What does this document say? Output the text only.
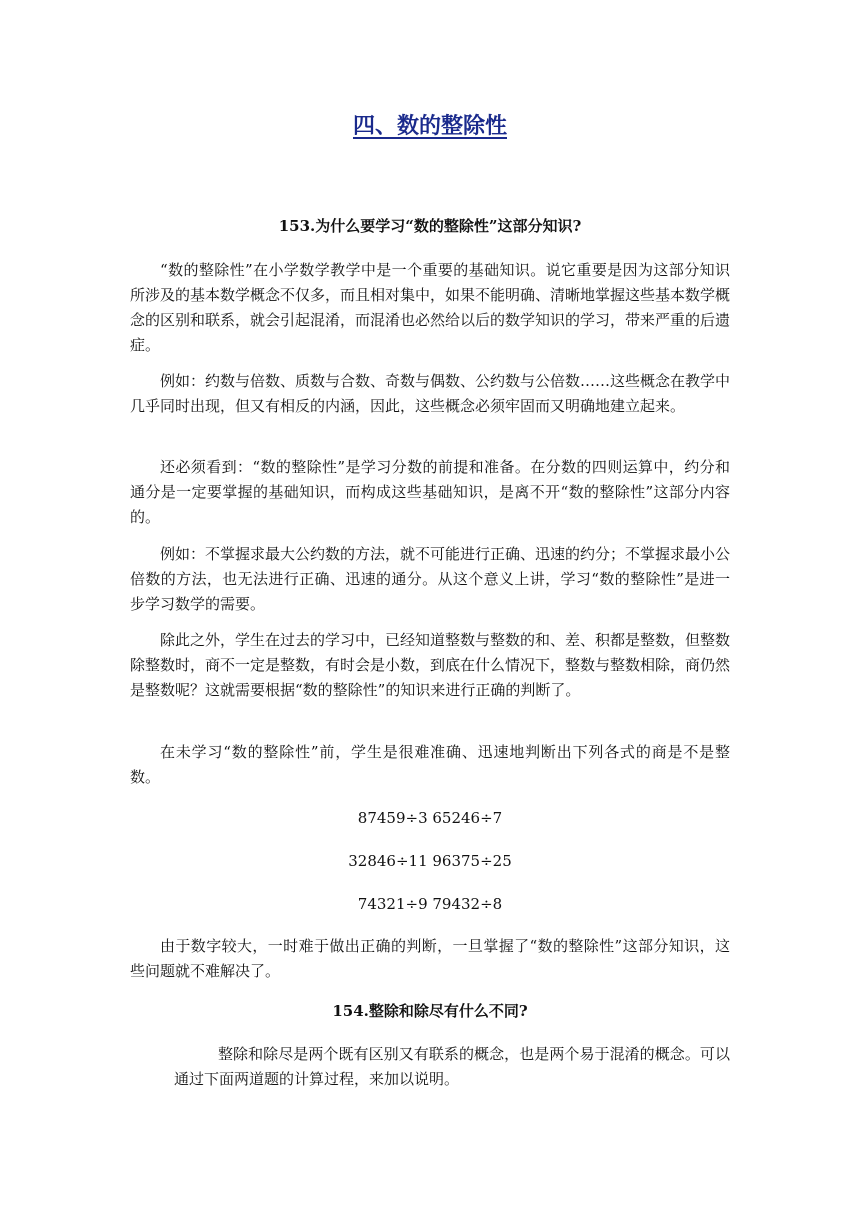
四、数的整除性
153.为什么要学习“数的整除性”这部分知识?
“数的整除性”在小学数学教学中是一个重要的基础知识。说它重要是因为这部分知识所涉及的基本数学概念不仅多，而且相对集中，如果不能明确、清晰地掌握这些基本数学概念的区别和联系，就会引起混淆，而混淆也必然给以后的数学知识的学习，带来严重的后遗症。
例如：约数与倍数、质数与合数、奇数与偶数、公约数与公倍数……这些概念在教学中几乎同时出现，但又有相反的内涵，因此，这些概念必须牢固而又明确地建立起来。
还必须看到：“数的整除性”是学习分数的前提和准备。在分数的四则运算中，约分和通分是一定要掌握的基础知识，而构成这些基础知识，是离不开“数的整除性”这部分内容的。
例如：不掌握求最大公约数的方法，就不可能进行正确、迅速的约分；不掌握求最小公倍数的方法，也无法进行正确、迅速的通分。从这个意义上讲，学习“数的整除性”是进一步学习数学的需要。
除此之外，学生在过去的学习中，已经知道整数与整数的和、差、积都是整数，但整数除整数时，商不一定是整数，有时会是小数，到底在什么情况下，整数与整数相除，商仍然是整数呢？这就需要根据“数的整除性”的知识来进行正确的判断了。
在未学习“数的整除性”前，学生是很难准确、迅速地判断出下列各式的商是不是整数。
87459÷3 65246÷7
32846÷11 96375÷25
74321÷9 79432÷8
由于数字较大，一时难于做出正确的判断，一旦掌握了“数的整除性”这部分知识，这些问题就不难解决了。
154.整除和除尽有什么不同?
整除和除尽是两个既有区别又有联系的概念，也是两个易于混淆的概念。可以通过下面两道题的计算过程，来加以说明。
